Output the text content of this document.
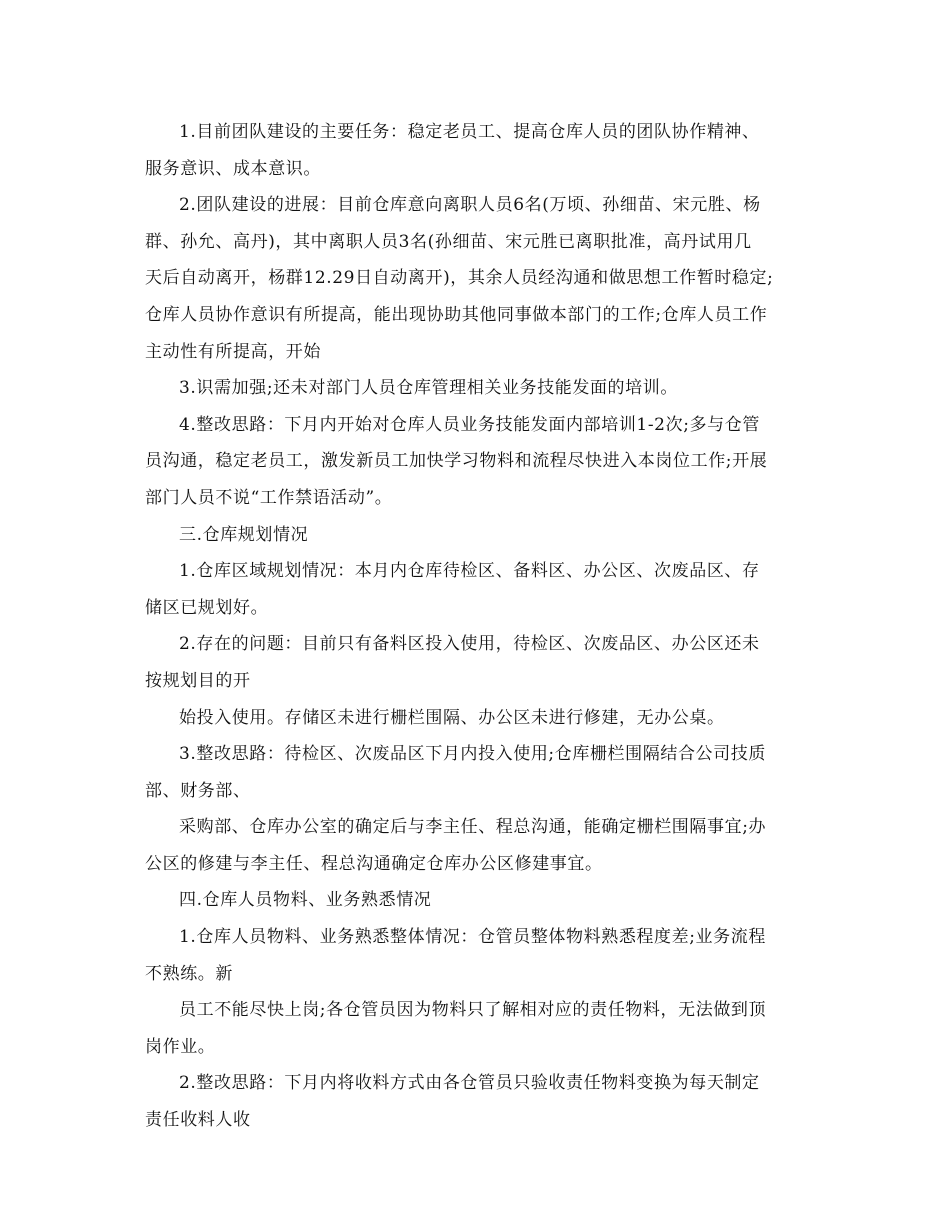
1.目前团队建设的主要任务：稳定老员工、提高仓库人员的团队协作精神、
服务意识、成本意识。
2.团队建设的进展：目前仓库意向离职人员6名(万顷、孙细苗、宋元胜、杨
群、孙允、高丹)，其中离职人员3名(孙细苗、宋元胜已离职批准，高丹试用几
天后自动离开，杨群12.29日自动离开)，其余人员经沟通和做思想工作暂时稳定;
仓库人员协作意识有所提高，能出现协助其他同事做本部门的工作;仓库人员工作
主动性有所提高，开始
3.识需加强;还未对部门人员仓库管理相关业务技能发面的培训。
4.整改思路：下月内开始对仓库人员业务技能发面内部培训1-2次;多与仓管
员沟通，稳定老员工，激发新员工加快学习物料和流程尽快进入本岗位工作;开展
部门人员不说“工作禁语活动”。
三.仓库规划情况
1.仓库区域规划情况：本月内仓库待检区、备料区、办公区、次废品区、存
储区已规划好。
2.存在的问题：目前只有备料区投入使用，待检区、次废品区、办公区还未
按规划目的开
始投入使用。存储区未进行栅栏围隔、办公区未进行修建，无办公桌。
3.整改思路：待检区、次废品区下月内投入使用;仓库栅栏围隔结合公司技质
部、财务部、
采购部、仓库办公室的确定后与李主任、程总沟通，能确定栅栏围隔事宜;办
公区的修建与李主任、程总沟通确定仓库办公区修建事宜。
四.仓库人员物料、业务熟悉情况
1.仓库人员物料、业务熟悉整体情况：仓管员整体物料熟悉程度差;业务流程
不熟练。新
员工不能尽快上岗;各仓管员因为物料只了解相对应的责任物料，无法做到顶
岗作业。
2.整改思路：下月内将收料方式由各仓管员只验收责任物料变换为每天制定
责任收料人收
